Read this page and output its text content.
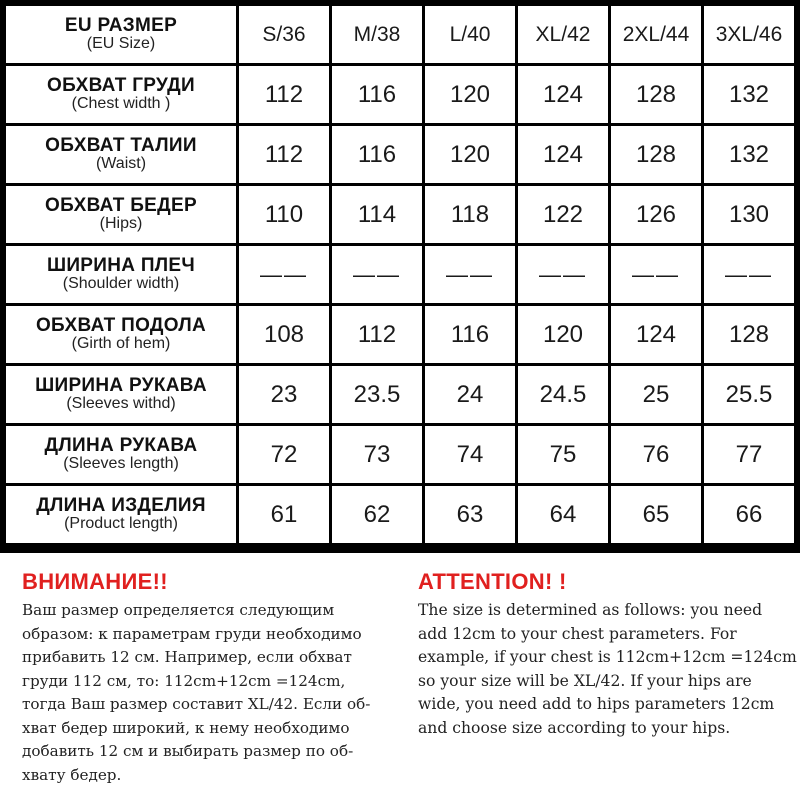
EU РАЗМЕР
(EU Size)	S/36	M/38	L/40	XL/42	2XL/44	3XL/46
ОБХВАТ ГРУДИ
(Chest width )	112	116	120	124	128	132
ОБХВАТ ТАЛИИ
(Waist)	112	116	120	124	128	132
ОБХВАТ БЕДЕР
(Hips)	110	114	118	122	126	130
ШИРИНА ПЛЕЧ
(Shoulder width)	——	——	——	——	——	——
ОБХВАТ ПОДОЛА
(Girth of hem)	108	112	116	120	124	128
ШИРИНА РУКАВА
(Sleeves withd)	23	23.5	24	24.5	25	25.5
ДЛИНА РУКАВА
(Sleeves length)	72	73	74	75	76	77
ДЛИНА ИЗДЕЛИЯ
(Product length)	61	62	63	64	65	66
ВНИМАНИЕ!!
Ваш размер определяется следующим
образом: к параметрам груди необходимо
прибавить 12 см. Например, если обхват
груди 112 см, то: 112cm+12cm =124cm,
тогда Ваш размер составит XL/42. Если об-
хват бедер широкий, к нему необходимо
добавить 12 см и выбирать размер по об-
хвату бедер.
ATTENTION! !
The size is determined as follows: you need
add 12cm to your chest parameters. For
example, if your chest is 112cm+12cm =124cm
so your size will be XL/42. If your hips are
wide, you need add to hips parameters 12cm
and choose size according to your hips.
